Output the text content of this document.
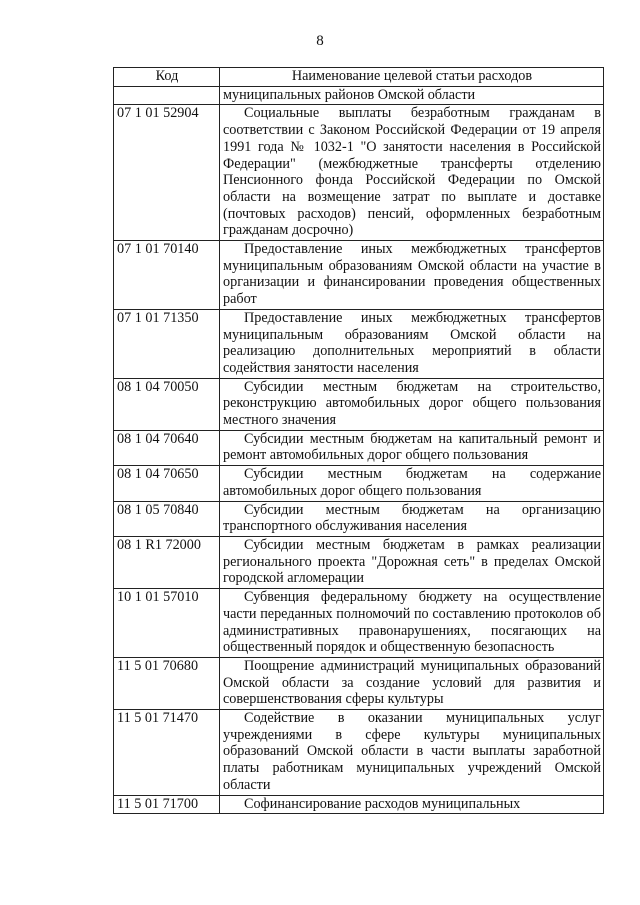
8
Код	Наименование целевой статьи расходов
	муниципальных районов Омской области
07 1 01 52904	Социальные выплаты безработным гражданам в соответствии с Законом Российской Федерации от 19 апреля 1991 года № 1032-1 "О занятости населения в Российской Федерации" (межбюджетные трансферты отделению Пенсионного фонда Российской Федерации по Омской области на возмещение затрат по выплате и доставке (почтовых расходов) пенсий, оформленных безработным гражданам досрочно)
07 1 01 70140	Предоставление иных межбюджетных трансфертов муниципальным образованиям Омской области на участие в организации и финансировании проведения общественных работ
07 1 01 71350	Предоставление иных межбюджетных трансфертов муниципальным образованиям Омской области на реализацию дополнительных мероприятий в области содействия занятости населения
08 1 04 70050	Субсидии местным бюджетам на строительство, реконструкцию автомобильных дорог общего пользования местного значения
08 1 04 70640	Субсидии местным бюджетам на капитальный ремонт и ремонт автомобильных дорог общего пользования
08 1 04 70650	Субсидии местным бюджетам на содержание автомобильных дорог общего пользования
08 1 05 70840	Субсидии местным бюджетам на организацию транспортного обслуживания населения
08 1 R1 72000	Субсидии местным бюджетам в рамках реализации регионального проекта "Дорожная сеть" в пределах Омской городской агломерации
10 1 01 57010	Субвенция федеральному бюджету на осуществление части переданных полномочий по составлению протоколов об административных правонарушениях, посягающих на общественный порядок и общественную безопасность
11 5 01 70680	Поощрение администраций муниципальных образований Омской области за создание условий для развития и совершенствования сферы культуры
11 5 01 71470	Содействие в оказании муниципальных услуг учреждениями в сфере культуры муниципальных образований Омской области в части выплаты заработной платы работникам муниципальных учреждений Омской области
11 5 01 71700	Софинансирование расходов муниципальных
